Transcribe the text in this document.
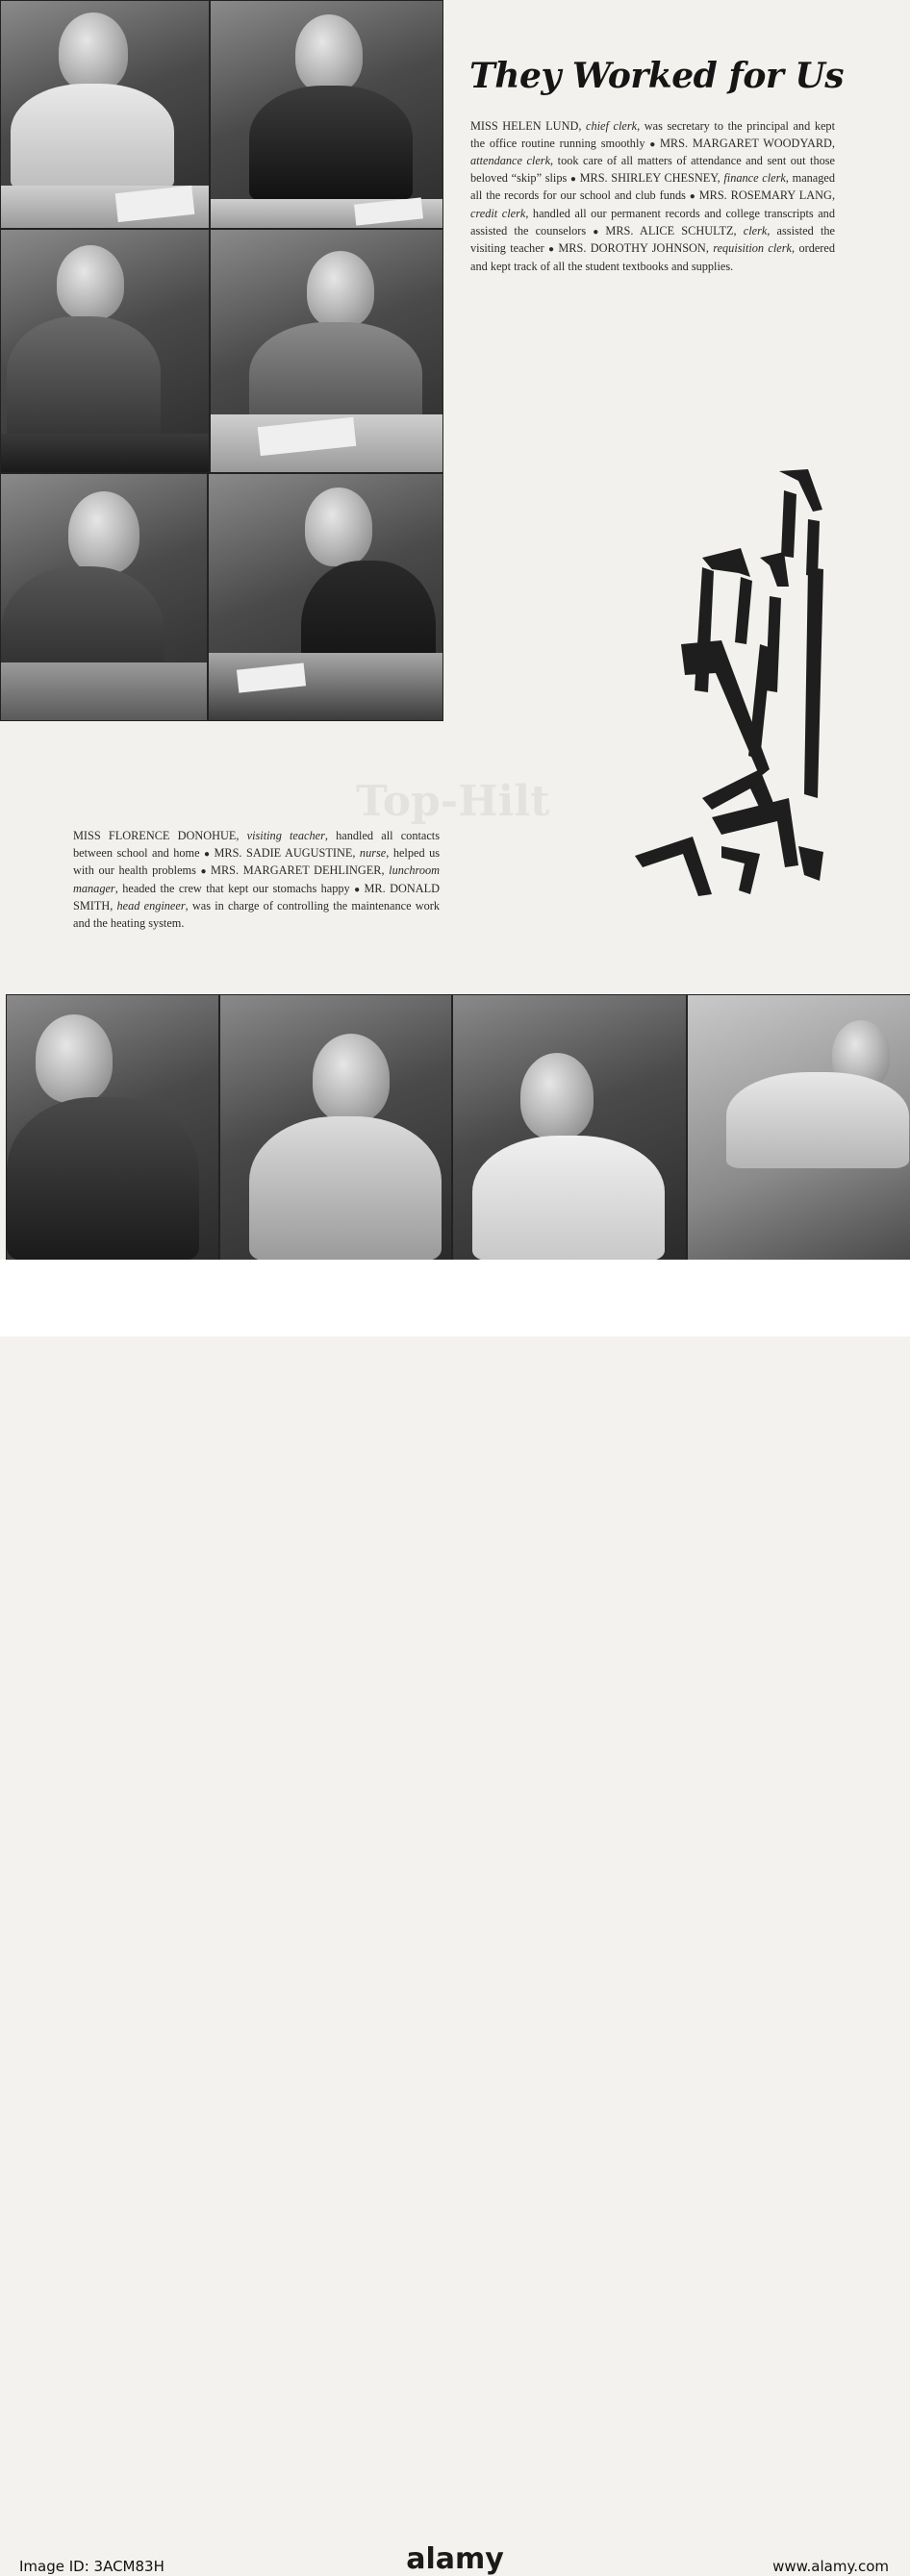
They Worked for Us

MISS HELEN LUND, chief clerk, was secretary to the principal and kept the office routine running smoothly ● MRS. MARGARET WOODYARD, attendance clerk, took care of all matters of attendance and sent out those beloved “skip” slips ● MRS. SHIRLEY CHESNEY, finance clerk, managed all the records for our school and club funds ● MRS. ROSEMARY LANG, credit clerk, handled all our permanent records and college transcripts and assisted the counselors ● MRS. ALICE SCHULTZ, clerk, assisted the visiting teacher ● MRS. DOROTHY JOHNSON, requisition clerk, ordered and kept track of all the student textbooks and supplies.

Top-Hilt

MISS FLORENCE DONOHUE, visiting teacher, handled all contacts between school and home ● MRS. SADIE AUGUSTINE, nurse, helped us with our health problems ● MRS. MARGARET DEHLINGER, lunchroom manager, headed the crew that kept our stomachs happy ● MR. DONALD SMITH, head engineer, was in charge of controlling the maintenance work and the heating system.

alamy
Image ID: 3ACM83H	www.alamy.com
